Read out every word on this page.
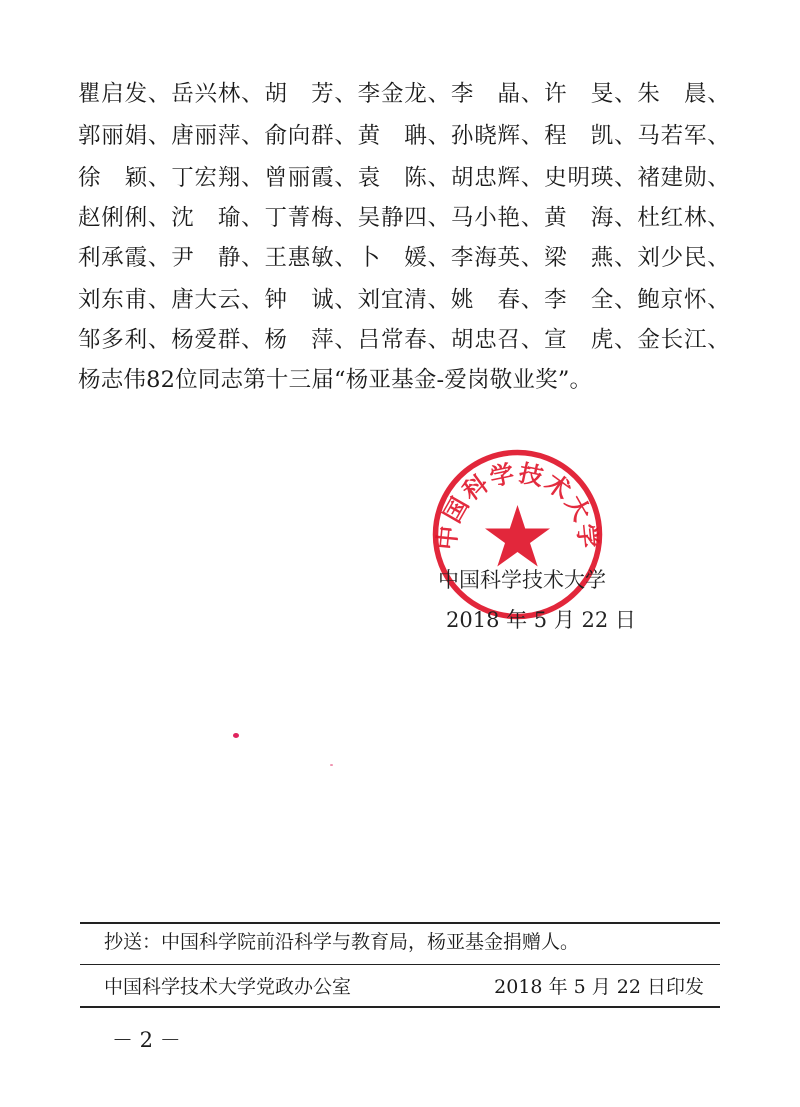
瞿启发、岳兴林、胡　芳、李金龙、李　晶、许　旻、朱　晨、
郭丽娟、唐丽萍、俞向群、黄　聃、孙晓辉、程　凯、马若军、
徐　颖、丁宏翔、曾丽霞、袁　陈、胡忠辉、史明瑛、褚建勋、
赵俐俐、沈　瑜、丁菁梅、吴静四、马小艳、黄　海、杜红林、
利承霞、尹　静、王惠敏、卜　媛、李海英、梁　燕、刘少民、
刘东甫、唐大云、钟　诚、刘宜清、姚　春、李　全、鲍京怀、
邹多利、杨爱群、杨　萍、吕常春、胡忠召、宣　虎、金长江、
杨志伟82位同志第十三届“杨亚基金-爱岗敬业奖”。
中国科学技术大学
中国科学技术大学
2018 年 5 月 22 日
抄送：中国科学院前沿科学与教育局，杨亚基金捐赠人。
中国科学技术大学党政办公室	2018 年 5 月 22 日印发
－ 2 －
